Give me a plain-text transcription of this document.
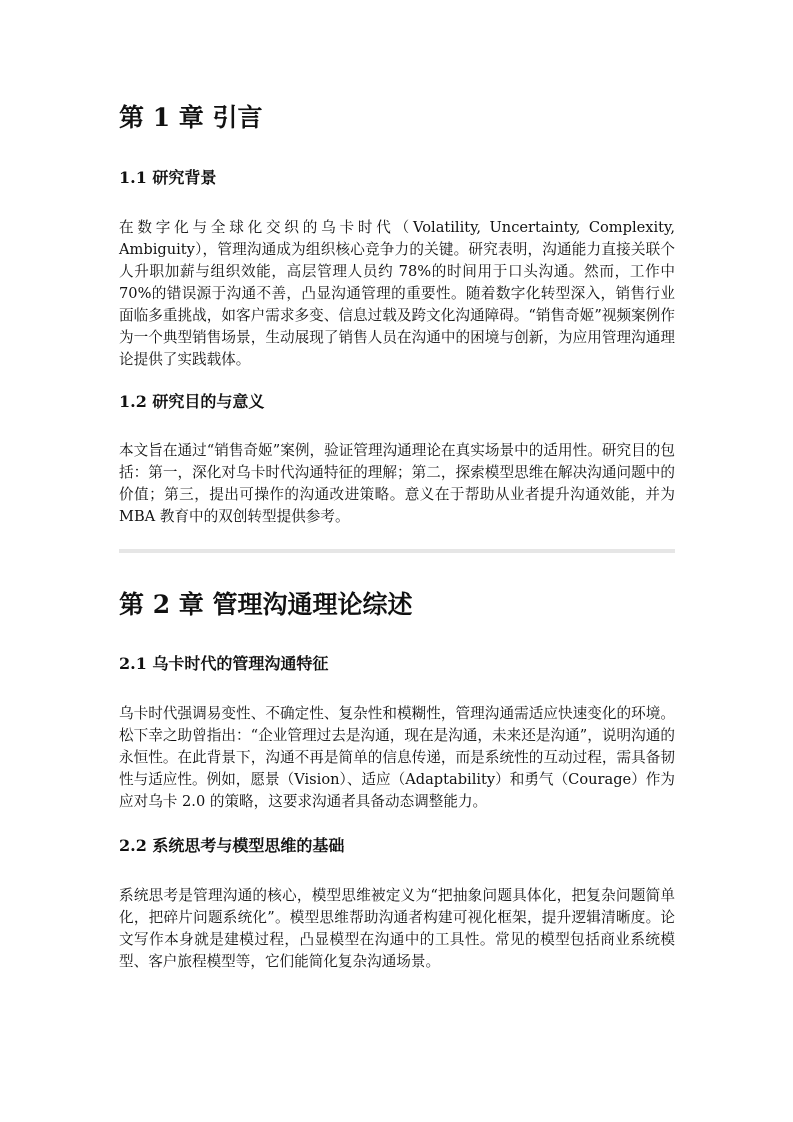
第 1 章 引言
1.1 研究背景

在数字化与全球化交织的乌卡时代（Volatility, Uncertainty, Complexity, Ambiguity），管理沟通成为组织核心竞争力的关键。研究表明，沟通能力直接关联个人升职加薪与组织效能，高层管理人员约 78%的时间用于口头沟通。然而，工作中 70%的错误源于沟通不善，凸显沟通管理的重要性。随着数字化转型深入，销售行业面临多重挑战，如客户需求多变、信息过载及跨文化沟通障碍。“销售奇姬”视频案例作为一个典型销售场景，生动展现了销售人员在沟通中的困境与创新，为应用管理沟通理论提供了实践载体。

1.2 研究目的与意义

本文旨在通过“销售奇姬”案例，验证管理沟通理论在真实场景中的适用性。研究目的包括：第一，深化对乌卡时代沟通特征的理解；第二，探索模型思维在解决沟通问题中的价值；第三，提出可操作的沟通改进策略。意义在于帮助从业者提升沟通效能，并为 MBA 教育中的双创转型提供参考。

第 2 章 管理沟通理论综述
2.1 乌卡时代的管理沟通特征

乌卡时代强调易变性、不确定性、复杂性和模糊性，管理沟通需适应快速变化的环境。松下幸之助曾指出：“企业管理过去是沟通，现在是沟通，未来还是沟通”，说明沟通的永恒性。在此背景下，沟通不再是简单的信息传递，而是系统性的互动过程，需具备韧性与适应性。例如，愿景（Vision）、适应（Adaptability）和勇气（Courage）作为应对乌卡 2.0 的策略，这要求沟通者具备动态调整能力。

2.2 系统思考与模型思维的基础

系统思考是管理沟通的核心，模型思维被定义为“把抽象问题具体化，把复杂问题简单化，把碎片问题系统化”。模型思维帮助沟通者构建可视化框架，提升逻辑清晰度。论文写作本身就是建模过程，凸显模型在沟通中的工具性。常见的模型包括商业系统模型、客户旅程模型等，它们能简化复杂沟通场景。
